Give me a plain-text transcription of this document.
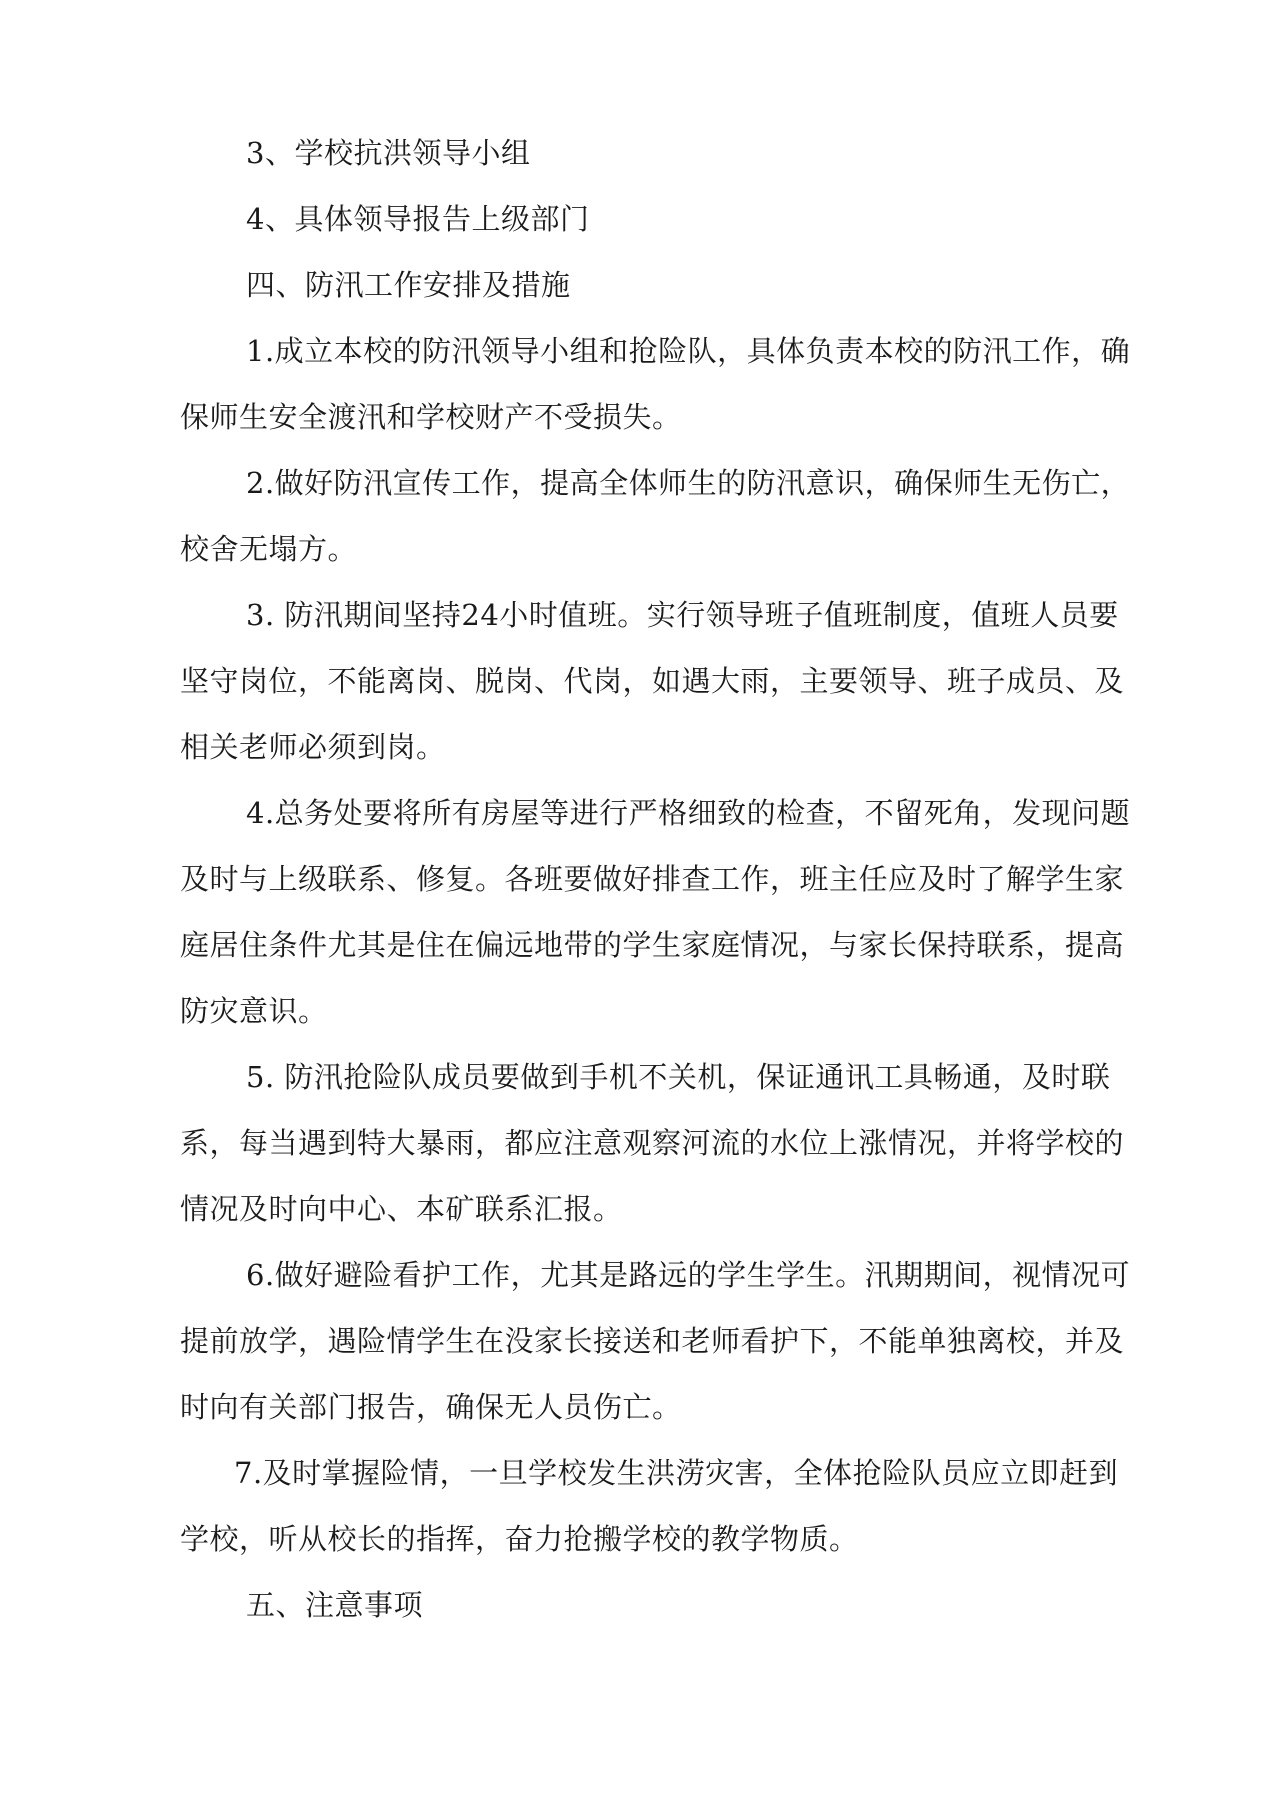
3、学校抗洪领导小组

4、具体领导报告上级部门

四、防汛工作安排及措施

1.成立本校的防汛领导小组和抢险队，具体负责本校的防汛工作，确保师生安全渡汛和学校财产不受损失。

2.做好防汛宣传工作，提高全体师生的防汛意识，确保师生无伤亡，校舍无塌方。

3. 防汛期间坚持24小时值班。实行领导班子值班制度，值班人员要坚守岗位，不能离岗、脱岗、代岗，如遇大雨，主要领导、班子成员、及相关老师必须到岗。

4.总务处要将所有房屋等进行严格细致的检查，不留死角，发现问题及时与上级联系、修复。各班要做好排查工作，班主任应及时了解学生家庭居住条件尤其是住在偏远地带的学生家庭情况，与家长保持联系，提高防灾意识。

5. 防汛抢险队成员要做到手机不关机，保证通讯工具畅通，及时联系，每当遇到特大暴雨，都应注意观察河流的水位上涨情况，并将学校的情况及时向中心、本矿联系汇报。

6.做好避险看护工作，尤其是路远的学生学生。汛期期间，视情况可提前放学，遇险情学生在没家长接送和老师看护下，不能单独离校，并及时向有关部门报告，确保无人员伤亡。

7.及时掌握险情，一旦学校发生洪涝灾害，全体抢险队员应立即赶到学校，听从校长的指挥，奋力抢搬学校的教学物质。

五、注意事项
